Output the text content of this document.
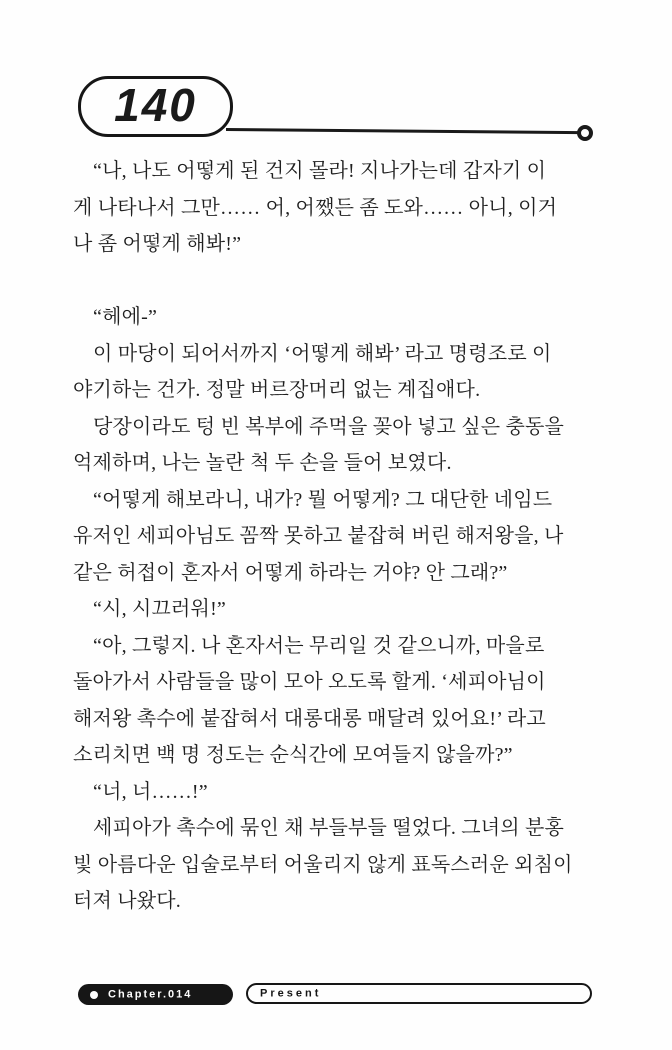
140
“나, 나도 어떻게 된 건지 몰라! 지나가는데 갑자기 이
게 나타나서 그만…… 어, 어쨌든 좀 도와…… 아니, 이거
나 좀 어떻게 해봐!”
“헤에-”
이 마당이 되어서까지 ‘어떻게 해봐’ 라고 명령조로 이
야기하는 건가. 정말 버르장머리 없는 계집애다.
당장이라도 텅 빈 복부에 주먹을 꽂아 넣고 싶은 충동을
억제하며, 나는 놀란 척 두 손을 들어 보였다.
“어떻게 해보라니, 내가? 뭘 어떻게? 그 대단한 네임드
유저인 세피아님도 꼼짝 못하고 붙잡혀 버린 해저왕을, 나
같은 허접이 혼자서 어떻게 하라는 거야? 안 그래?”
“시, 시끄러워!”
“아, 그렇지. 나 혼자서는 무리일 것 같으니까, 마을로
돌아가서 사람들을 많이 모아 오도록 할게. ‘세피아님이
해저왕 촉수에 붙잡혀서 대롱대롱 매달려 있어요!’ 라고
소리치면 백 명 정도는 순식간에 모여들지 않을까?”
“너, 너……!”
세피아가 촉수에 묶인 채 부들부들 떨었다. 그녀의 분홍
빛 아름다운 입술로부터 어울리지 않게 표독스러운 외침이
터져 나왔다.
Chapter.014	Present
